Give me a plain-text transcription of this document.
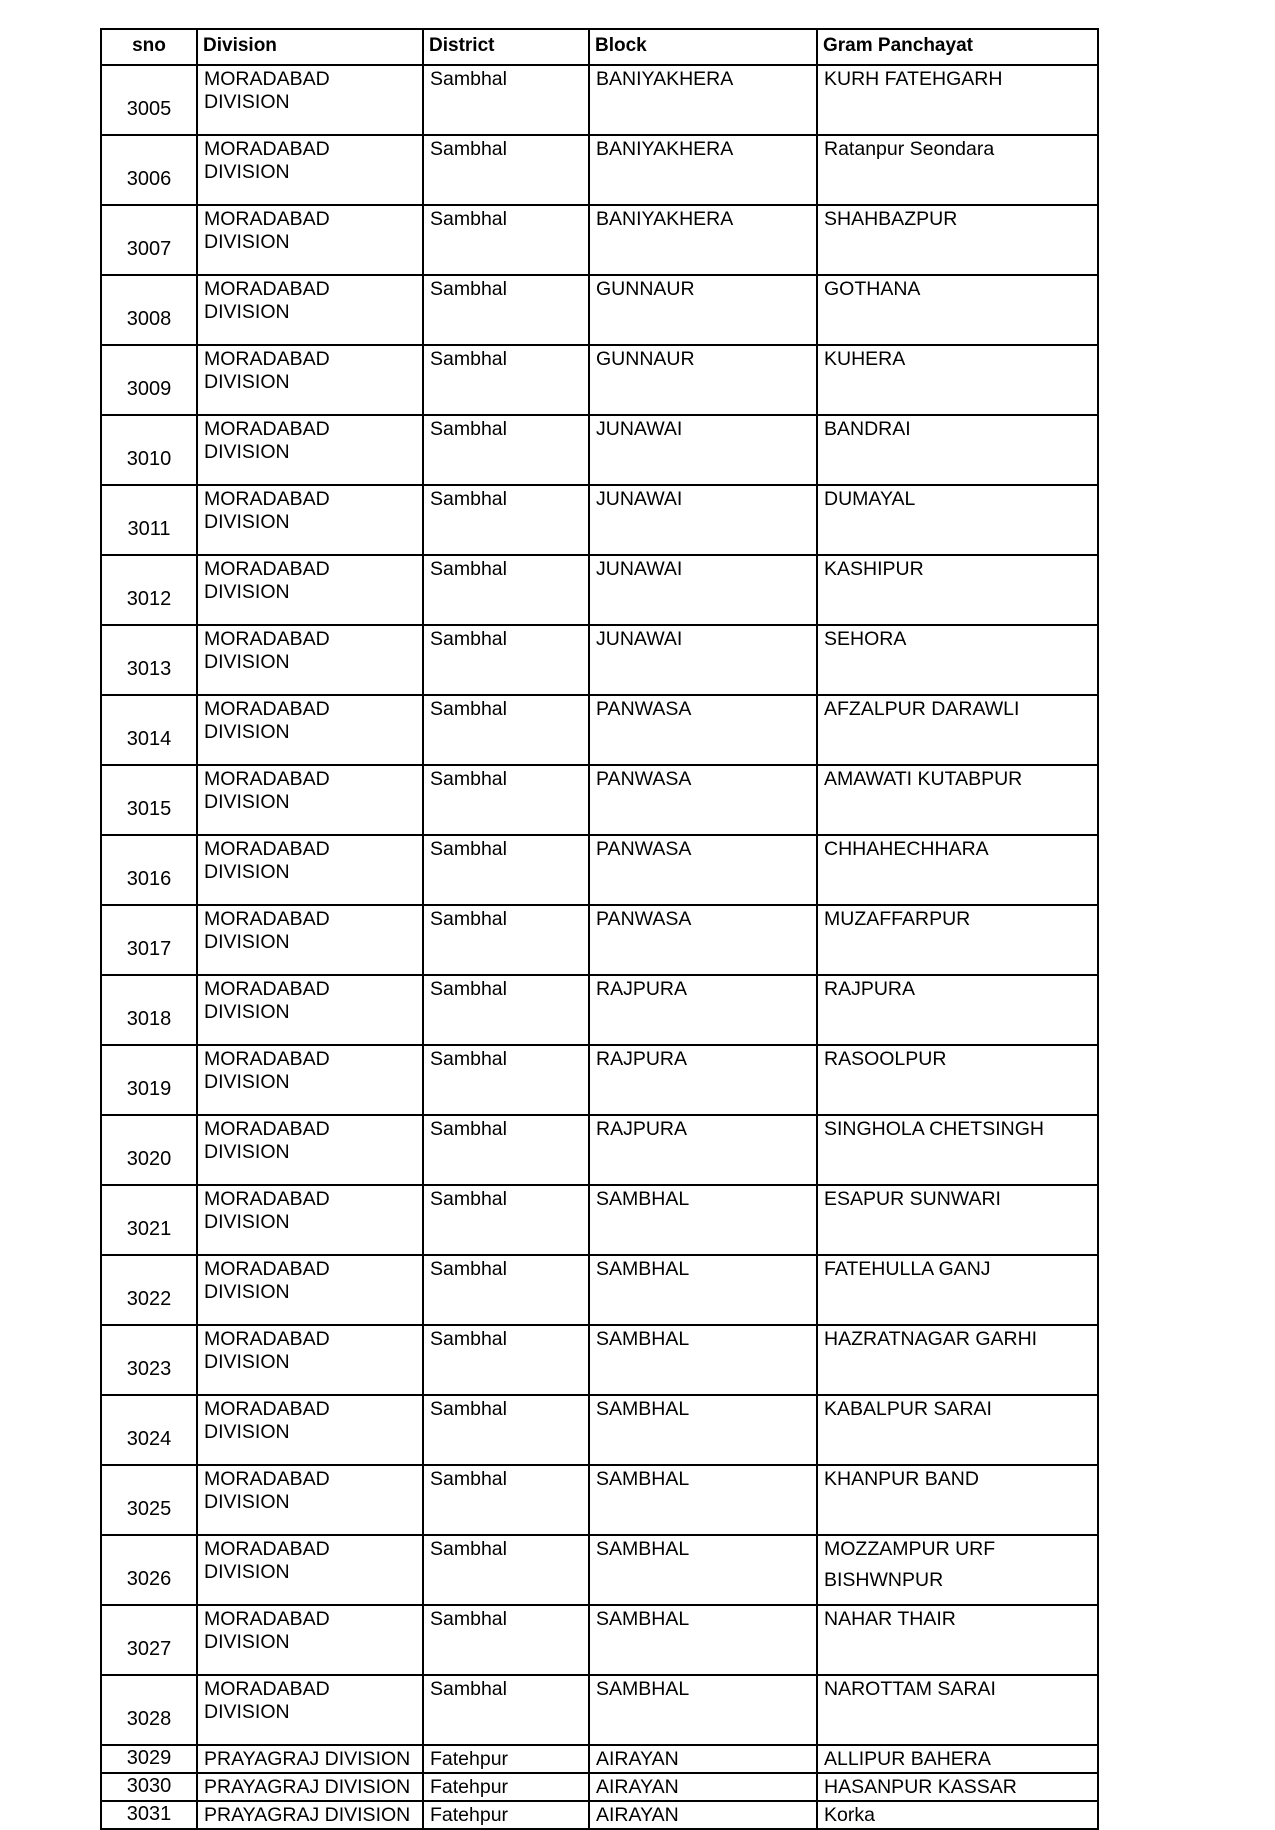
sno	Division	District	Block	Gram Panchayat
3005	MORADABAD DIVISION	Sambhal	BANIYAKHERA	KURH FATEHGARH
3006	MORADABAD DIVISION	Sambhal	BANIYAKHERA	Ratanpur Seondara
3007	MORADABAD DIVISION	Sambhal	BANIYAKHERA	SHAHBAZPUR
3008	MORADABAD DIVISION	Sambhal	GUNNAUR	GOTHANA
3009	MORADABAD DIVISION	Sambhal	GUNNAUR	KUHERA
3010	MORADABAD DIVISION	Sambhal	JUNAWAI	BANDRAI
3011	MORADABAD DIVISION	Sambhal	JUNAWAI	DUMAYAL
3012	MORADABAD DIVISION	Sambhal	JUNAWAI	KASHIPUR
3013	MORADABAD DIVISION	Sambhal	JUNAWAI	SEHORA
3014	MORADABAD DIVISION	Sambhal	PANWASA	AFZALPUR DARAWLI
3015	MORADABAD DIVISION	Sambhal	PANWASA	AMAWATI KUTABPUR
3016	MORADABAD DIVISION	Sambhal	PANWASA	CHHAHECHHARA
3017	MORADABAD DIVISION	Sambhal	PANWASA	MUZAFFARPUR
3018	MORADABAD DIVISION	Sambhal	RAJPURA	RAJPURA
3019	MORADABAD DIVISION	Sambhal	RAJPURA	RASOOLPUR
3020	MORADABAD DIVISION	Sambhal	RAJPURA	SINGHOLA CHETSINGH
3021	MORADABAD DIVISION	Sambhal	SAMBHAL	ESAPUR SUNWARI
3022	MORADABAD DIVISION	Sambhal	SAMBHAL	FATEHULLA GANJ
3023	MORADABAD DIVISION	Sambhal	SAMBHAL	HAZRATNAGAR GARHI
3024	MORADABAD DIVISION	Sambhal	SAMBHAL	KABALPUR SARAI
3025	MORADABAD DIVISION	Sambhal	SAMBHAL	KHANPUR BAND
3026	MORADABAD DIVISION	Sambhal	SAMBHAL	MOZZAMPUR URF
BISHWNPUR

3027	MORADABAD DIVISION	Sambhal	SAMBHAL	NAHAR THAIR
3028	MORADABAD DIVISION	Sambhal	SAMBHAL	NAROTTAM SARAI
3029	PRAYAGRAJ DIVISION	Fatehpur	AIRAYAN	ALLIPUR BAHERA
3030	PRAYAGRAJ DIVISION	Fatehpur	AIRAYAN	HASANPUR KASSAR
3031	PRAYAGRAJ DIVISION	Fatehpur	AIRAYAN	Korka
